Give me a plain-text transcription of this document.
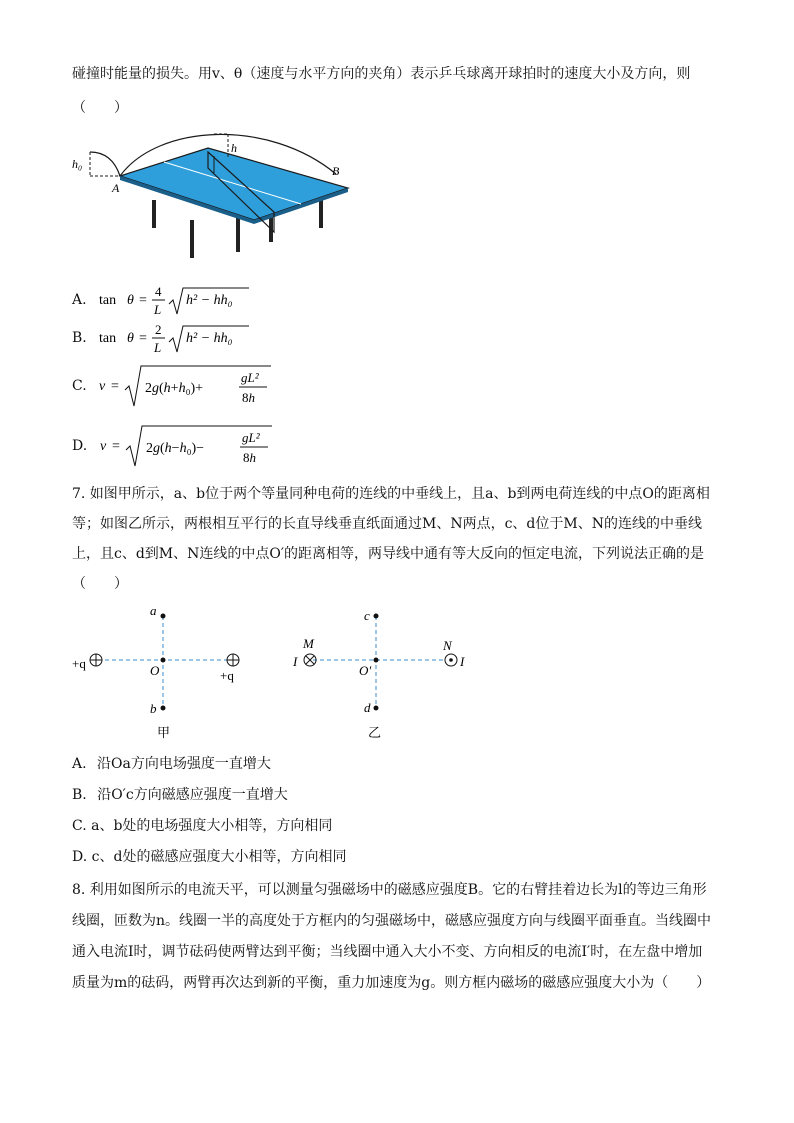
碰撞时能量的损失。用v、θ（速度与水平方向的夹角）表示乒乓球离开球拍时的速度大小及方向，则
（　　）
h₀
h
A
B
A. tan θ =
4
L
h² − hh₀
B. tan θ =
2
L
h² − hh₀
C. v = 2g(h+h₀)+
gL²
8h
D. v = 2g(h−h₀)−
gL²
8h
7. 如图甲所示，a、b位于两个等量同种电荷的连线的中垂线上，且a、b到两电荷连线的中点O的距离相
等；如图乙所示，两根相互平行的长直导线垂直纸面通过M、N两点，c、d位于M、N的连线的中垂线
上，且c、d到M、N连线的中点O′的距离相等，两导线中通有等大反向的恒定电流，下列说法正确的是
（　　）
a
O
b
+q
+q
甲
c
O′
d
M	N
I	I
乙
A. 沿Oa方向电场强度一直增大
B. 沿O′c方向磁感应强度一直增大
C. a、b处的电场强度大小相等，方向相同
D. c、d处的磁感应强度大小相等，方向相同
8. 利用如图所示的电流天平，可以测量匀强磁场中的磁感应强度B。它的右臂挂着边长为l的等边三角形
线圈，匝数为n。线圈一半的高度处于方框内的匀强磁场中，磁感应强度方向与线圈平面垂直。当线圈中
通入电流I时，调节砝码使两臂达到平衡；当线圈中通入大小不变、方向相反的电流I′时，在左盘中增加
质量为m的砝码，两臂再次达到新的平衡，重力加速度为g。则方框内磁场的磁感应强度大小为（　　）
